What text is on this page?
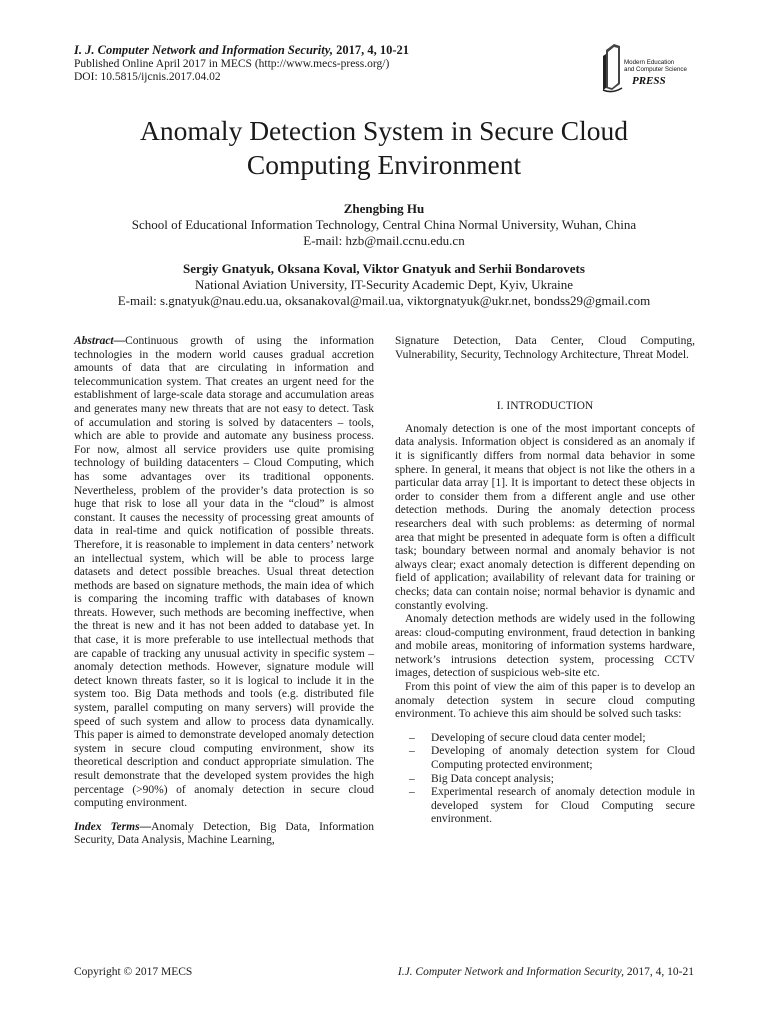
I. J. Computer Network and Information Security, 2017, 4, 10-21
Published Online April 2017 in MECS (http://www.mecs-press.org/)
DOI: 10.5815/ijcnis.2017.04.02
Modern Education
and Computer Science
PRESS
Anomaly Detection System in Secure Cloud
Computing Environment
Zhengbing Hu
School of Educational Information Technology, Central China Normal University, Wuhan, China
E-mail: hzb@mail.ccnu.edu.cn
Sergiy Gnatyuk, Oksana Koval, Viktor Gnatyuk and Serhii Bondarovets
National Aviation University, IT-Security Academic Dept, Kyiv, Ukraine
E-mail: s.gnatyuk@nau.edu.ua, oksanakoval@mail.ua, viktorgnatyuk@ukr.net, bondss29@gmail.com

Abstract—Continuous growth of using the information technologies in the modern world causes gradual accretion amounts of data that are circulating in information and telecommunication system. That creates an urgent need for the establishment of large-scale data storage and accumulation areas and generates many new threats that are not easy to detect. Task of accumulation and storing is solved by datacenters – tools, which are able to provide and automate any business process. For now, almost all service providers use quite promising technology of building datacenters – Cloud Computing, which has some advantages over its traditional opponents. Nevertheless, problem of the provider’s data protection is so huge that risk to lose all your data in the “cloud” is almost constant. It causes the necessity of processing great amounts of data in real-time and quick notification of possible threats. Therefore, it is reasonable to implement in data centers’ network an intellectual system, which will be able to process large datasets and detect possible breaches. Usual threat detection methods are based on signature methods, the main idea of which is comparing the incoming traffic with databases of known threats. However, such methods are becoming ineffective, when the threat is new and it has not been added to database yet. In that case, it is more preferable to use intellectual methods that are capable of tracking any unusual activity in specific system – anomaly detection methods. However, signature module will detect known threats faster, so it is logical to include it in the system too. Big Data methods and tools (e.g. distributed file system, parallel computing on many servers) will provide the speed of such system and allow to process data dynamically. This paper is aimed to demonstrate developed anomaly detection system in secure cloud computing environment, show its theoretical description and conduct appropriate simulation. The result demonstrate that the developed system provides the high percentage (>90%) of anomaly detection in secure cloud computing environment.

Index Terms—Anomaly Detection, Big Data, Information Security, Data Analysis, Machine Learning,

Signature Detection, Data Center, Cloud Computing, Vulnerability, Security, Technology Architecture, Threat Model.

I. INTRODUCTION

Anomaly detection is one of the most important concepts of data analysis. Information object is considered as an anomaly if it is significantly differs from normal data behavior in some sphere. In general, it means that object is not like the others in a particular data array [1]. It is important to detect these objects in order to consider them from a different angle and use other detection methods. During the anomaly detection process researchers deal with such problems: as determing of normal area that might be presented in adequate form is often a difficult task; boundary between normal and anomaly behavior is not always clear; exact anomaly detection is different depending on field of application; availability of relevant data for training or checks; data can contain noise; normal behavior is dynamic and constantly evolving.

Anomaly detection methods are widely used in the following areas: cloud-computing environment, fraud detection in banking and mobile areas, monitoring of information systems hardware, network’s intrusions detection system, processing CCTV images, detection of suspicious web-site etc.

From this point of view the aim of this paper is to develop an anomaly detection system in secure cloud computing environment. To achieve this aim should be solved such tasks:

– Developing of secure cloud data center model;
– Developing of anomaly detection system for Cloud Computing protected environment;
– Big Data concept analysis;
– Experimental research of anomaly detection module in developed system for Cloud Computing secure environment.
Copyright © 2017 MECS	I.J. Computer Network and Information Security, 2017, 4, 10-21
